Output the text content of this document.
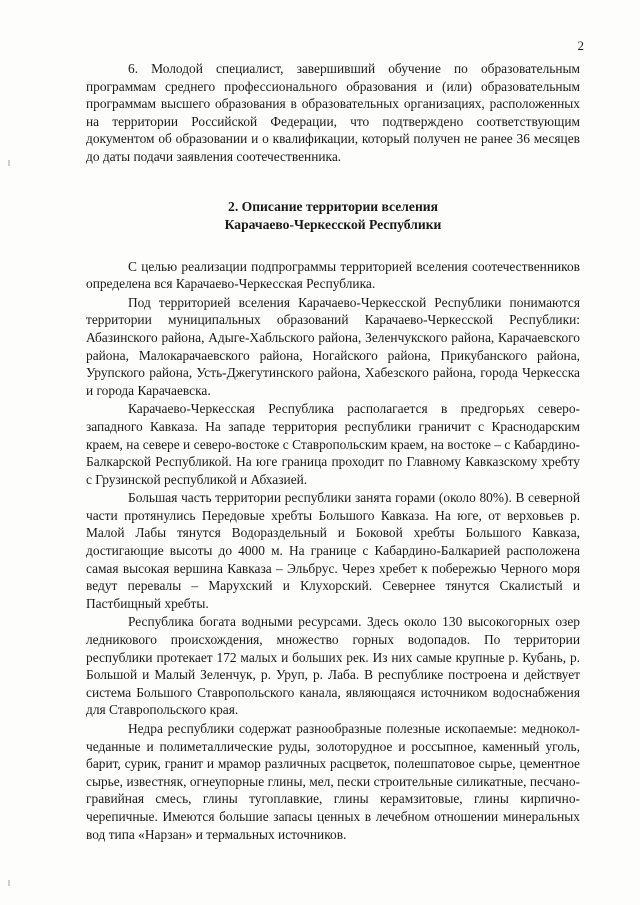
2

6. Молодой специалист, завершивший обучение по образовательным программам среднего профессионального образования и (или) образовательным программам высшего образования в образовательных организациях, расположенных на территории Российской Федерации, что подтверждено соответствующим документом об образовании и о квалификации, который получен не ранее 36 месяцев до даты подачи заявления соотечественника.

2. Описание территории вселения
Карачаево-Черкесской Республики

С целью реализации подпрограммы территорией вселения соотечественников определена вся Карачаево-Черкесская Республика.

Под территорией вселения Карачаево-Черкесской Республики понимаются территории муниципальных образований Карачаево-Черкесской Республики: Абазинского района, Адыге-Хабльского района, Зеленчукского района, Карачаевского района, Малокарачаевского района, Ногайского района, Прикубанского района, Урупского района, Усть-Джегутинского района, Хабезского района, города Черкесска и города Карачаевска.

Карачаево-Черкесская Республика располагается в предгорьях северо-западного Кавказа. На западе территория республики граничит с Краснодарским краем, на севере и северо-востоке с Ставропольским краем, на востоке – с Кабардино-Балкарской Республикой. На юге граница проходит по Главному Кавказскому хребту с Грузинской республикой и Абхазией.

Большая часть территории республики занята горами (около 80%). В северной части протянулись Передовые хребты Большого Кавказа. На юге, от верховьев р. Малой Лабы тянутся Водораздельный и Боковой хребты Большого Кавказа, достигающие высоты до 4000 м. На границе с Кабардино-Балкарией расположена самая высокая вершина Кавказа – Эльбрус. Через хребет к побережью Черного моря ведут перевалы – Марухский и Клухорский. Севернее тянутся Скалистый и Пастбищный хребты.

Республика богата водными ресурсами. Здесь около 130 высокогорных озер ледникового происхождения, множество горных водопадов. По территории республики протекает 172 малых и больших рек. Из них самые крупные р. Кубань, р. Большой и Малый Зеленчук, р. Уруп, р. Лаба. В республике построена и действует система Большого Ставропольского канала, являющаяся источником водоснабжения для Ставропольского края.

Недра республики содержат разнообразные полезные ископаемые: медноколчеданные и полиметаллические руды, золоторудное и россыпное, каменный уголь, барит, сурик, гранит и мрамор различных расцветок, полешпатовое сырье, цементное сырье, известняк, огнеупорные глины, мел, пески строительные силикатные, песчано-гравийная смесь, глины тугоплавкие, глины керамзитовые, глины кирпично-черепичные. Имеются большие запасы ценных в лечебном отношении минеральных вод типа «Нарзан» и термальных источников.
